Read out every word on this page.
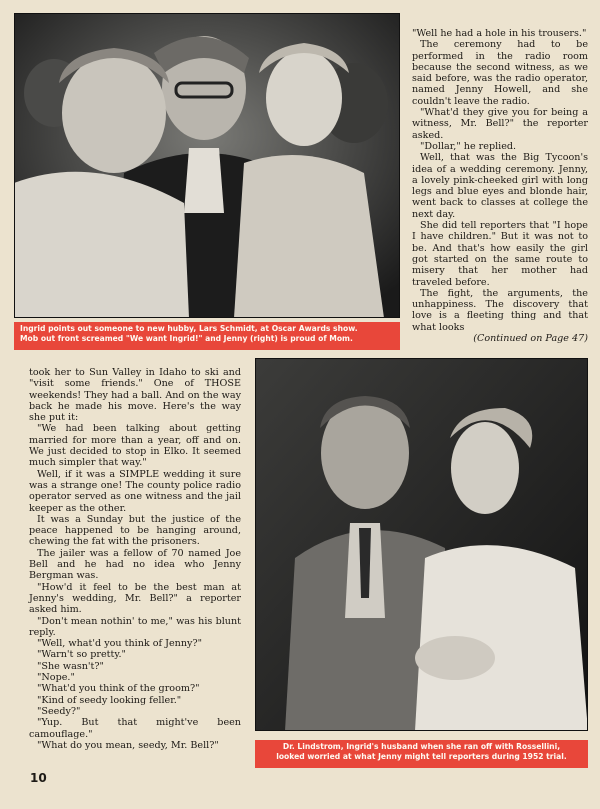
Ingrid points out someone to new hubby, Lars Schmidt, at Oscar Awards show.
Mob out front screamed "We want Ingrid!" and Jenny (right) is proud of Mom.

"Well he had a hole in his trousers."

The ceremony had to be performed in the radio room because the second witness, as we said before, was the radio operator, named Jenny Howell, and she couldn't leave the radio.

"What'd they give you for being a witness, Mr. Bell?" the reporter asked.

"Dollar," he replied.

Well, that was the Big Tycoon's idea of a wedding ceremony. Jenny, a lovely pink-cheeked girl with long legs and blue eyes and blonde hair, went back to classes at college the next day.

She did tell reporters that "I hope I have children." But it was not to be. And that's how easily the girl got started on the same route to misery that her mother had traveled before.

The fight, the arguments, the unhappiness. The discovery that love is a fleeting thing and that what looks

(Continued on Page 47)

took her to Sun Valley in Idaho to ski and "visit some friends." One of THOSE weekends! They had a ball. And on the way back he made his move. Here's the way she put it:

"We had been talking about getting married for more than a year, off and on. We just decided to stop in Elko. It seemed much simpler that way."

Well, if it was a SIMPLE wedding it sure was a strange one! The county police radio operator served as one witness and the jail keeper as the other.

It was a Sunday but the justice of the peace happened to be hanging around, chewing the fat with the prisoners.

The jailer was a fellow of 70 named Joe Bell and he had no idea who Jenny Bergman was.

"How'd it feel to be the best man at Jenny's wedding, Mr. Bell?" a reporter asked him.

"Don't mean nothin' to me," was his blunt reply.

"Well, what'd you think of Jenny?"

"Warn't so pretty."

"She wasn't?"

"Nope."

"What'd you think of the groom?"

"Kind of seedy looking feller."

"Seedy?"

"Yup. But that might've been camouflage."

"What do you mean, seedy, Mr. Bell?"	Dr. Lindstrom, Ingrid's husband when she ran off with Rossellini,
looked worried at what Jenny might tell reporters during 1952 trial.
10
